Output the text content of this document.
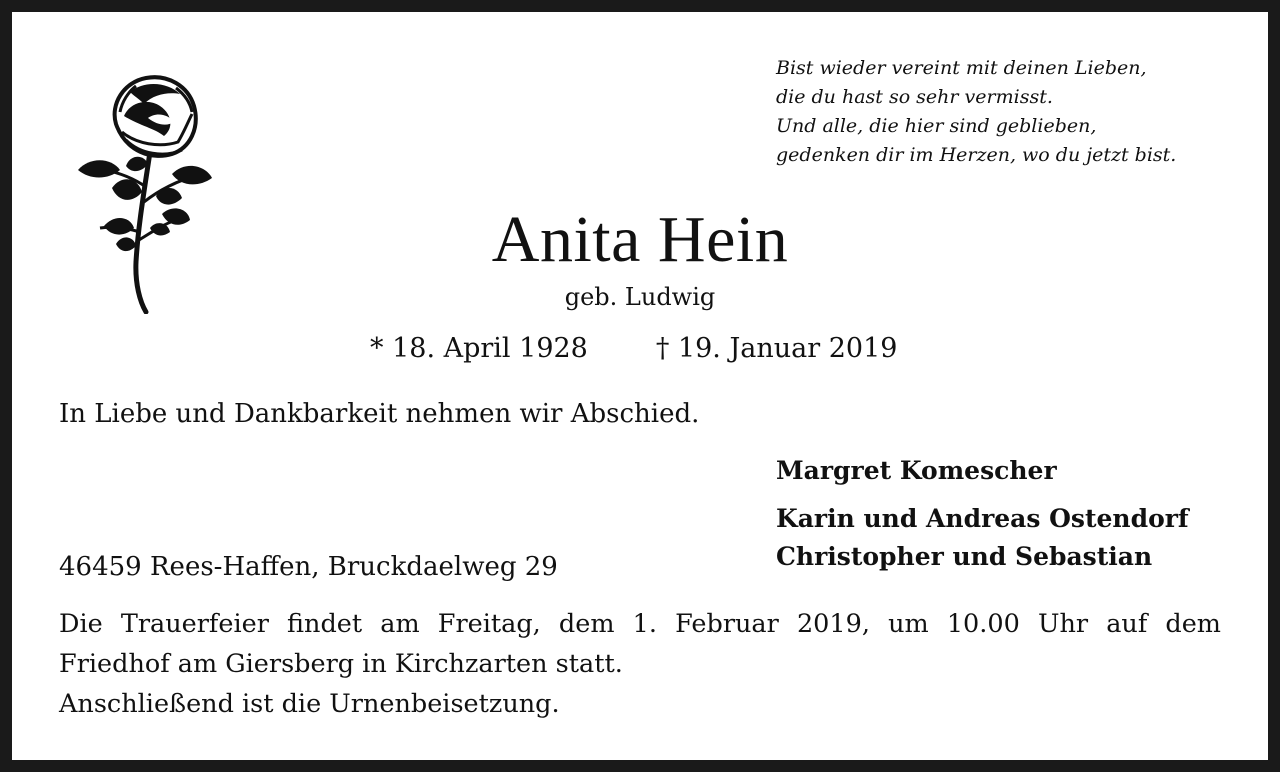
Bist wieder vereint mit deinen Lieben,
die du hast so sehr vermisst.
Und alle, die hier sind geblieben,
gedenken dir im Herzen, wo du jetzt bist.
Anita Hein
geb. Ludwig
* 18. April 1928	† 19. Januar 2019
In Liebe und Dankbarkeit nehmen wir Abschied.
Margret Komescher
Karin und Andreas Ostendorf
Christopher und Sebastian
46459 Rees-Haffen, Bruckdaelweg 29
Die Trauerfeier findet am Freitag, dem 1. Februar 2019, um 10.00 Uhr auf dem
Friedhof am Giersberg in Kirchzarten statt.
Anschließend ist die Urnenbeisetzung.
